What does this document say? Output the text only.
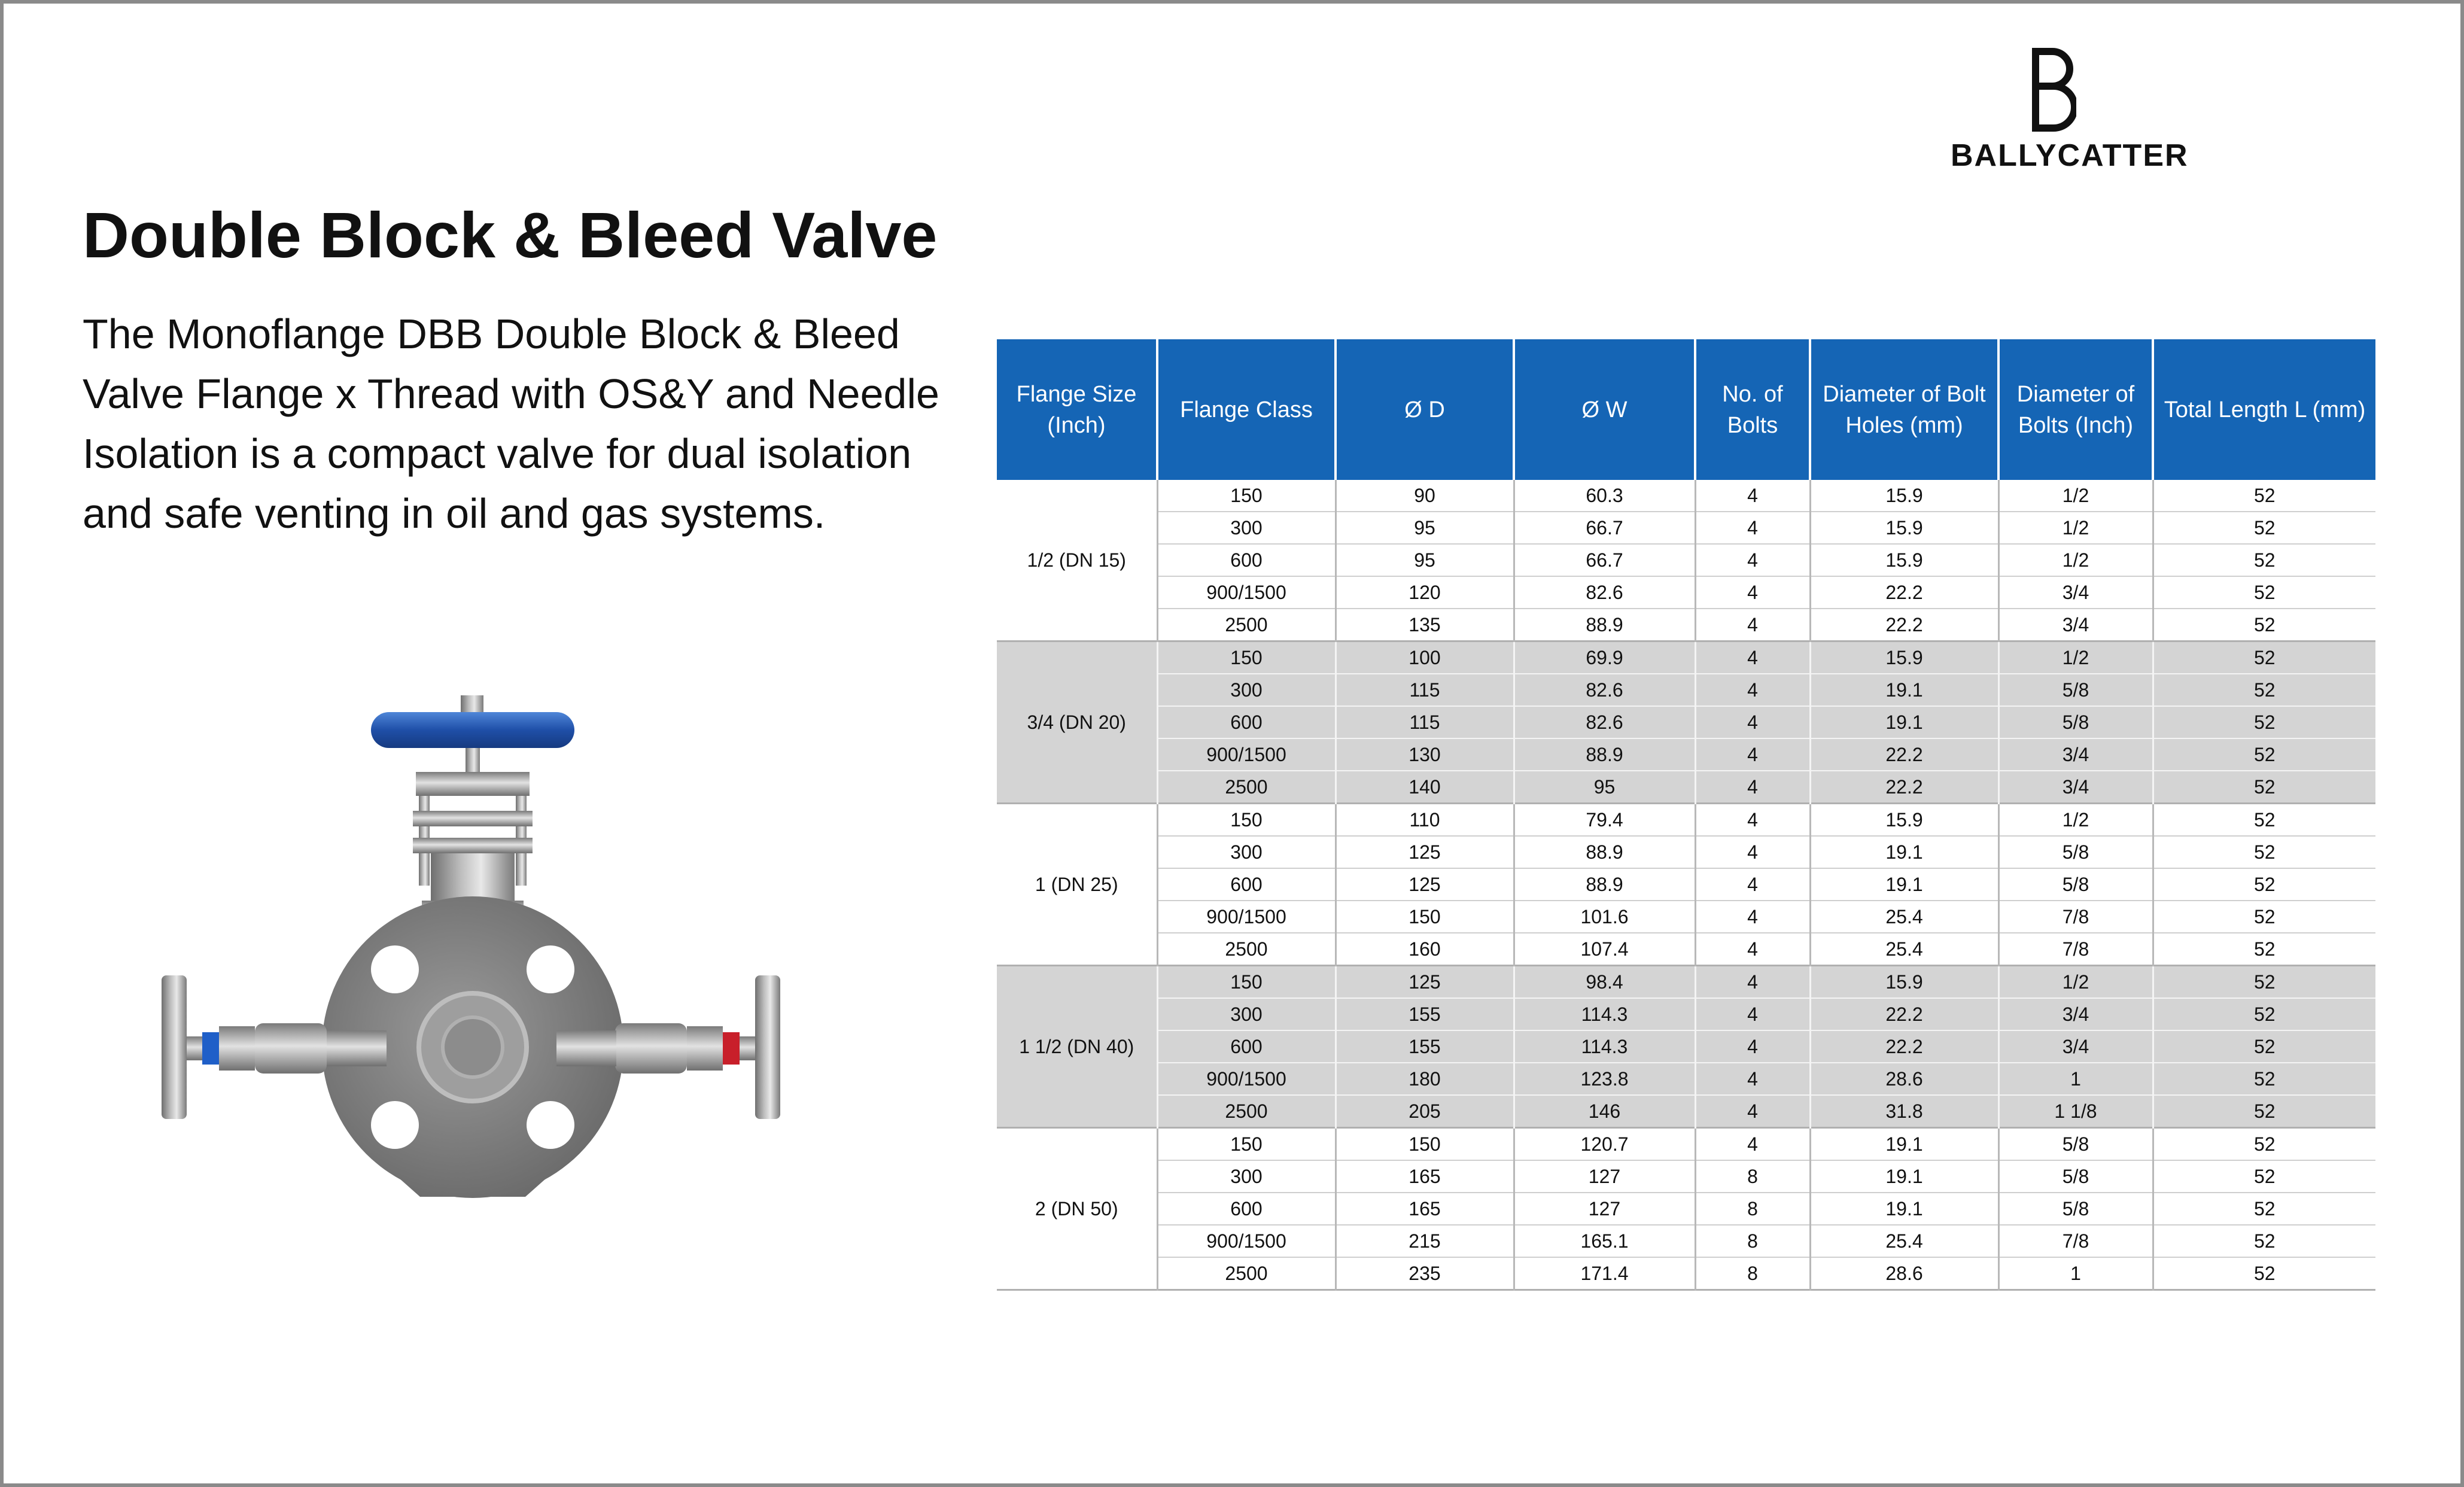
BALLYCATTER
Double Block & Bleed Valve

The Monoflange DBB Double Block & Bleed Valve Flange x Thread with OS&Y and Needle Isolation is a compact valve for dual isolation and safe venting in oil and gas systems.

Flange Size (Inch)	Flange Class	Ø D	Ø W	No. of Bolts	Diameter of Bolt Holes (mm)	Diameter of Bolts (Inch)	Total Length L (mm)
1/2 (DN 15)	150	90	60.3	4	15.9	1/2	52
	300	95	66.7	4	15.9	1/2	52
	600	95	66.7	4	15.9	1/2	52
	900/1500	120	82.6	4	22.2	3/4	52
	2500	135	88.9	4	22.2	3/4	52
3/4 (DN 20)	150	100	69.9	4	15.9	1/2	52
	300	115	82.6	4	19.1	5/8	52
	600	115	82.6	4	19.1	5/8	52
	900/1500	130	88.9	4	22.2	3/4	52
	2500	140	95	4	22.2	3/4	52
1 (DN 25)	150	110	79.4	4	15.9	1/2	52
	300	125	88.9	4	19.1	5/8	52
	600	125	88.9	4	19.1	5/8	52
	900/1500	150	101.6	4	25.4	7/8	52
	2500	160	107.4	4	25.4	7/8	52
1 1/2 (DN 40)	150	125	98.4	4	15.9	1/2	52
	300	155	114.3	4	22.2	3/4	52
	600	155	114.3	4	22.2	3/4	52
	900/1500	180	123.8	4	28.6	1	52
	2500	205	146	4	31.8	1 1/8	52
2 (DN 50)	150	150	120.7	4	19.1	5/8	52
	300	165	127	8	19.1	5/8	52
	600	165	127	8	19.1	5/8	52
	900/1500	215	165.1	8	25.4	7/8	52
	2500	235	171.4	8	28.6	1	52
